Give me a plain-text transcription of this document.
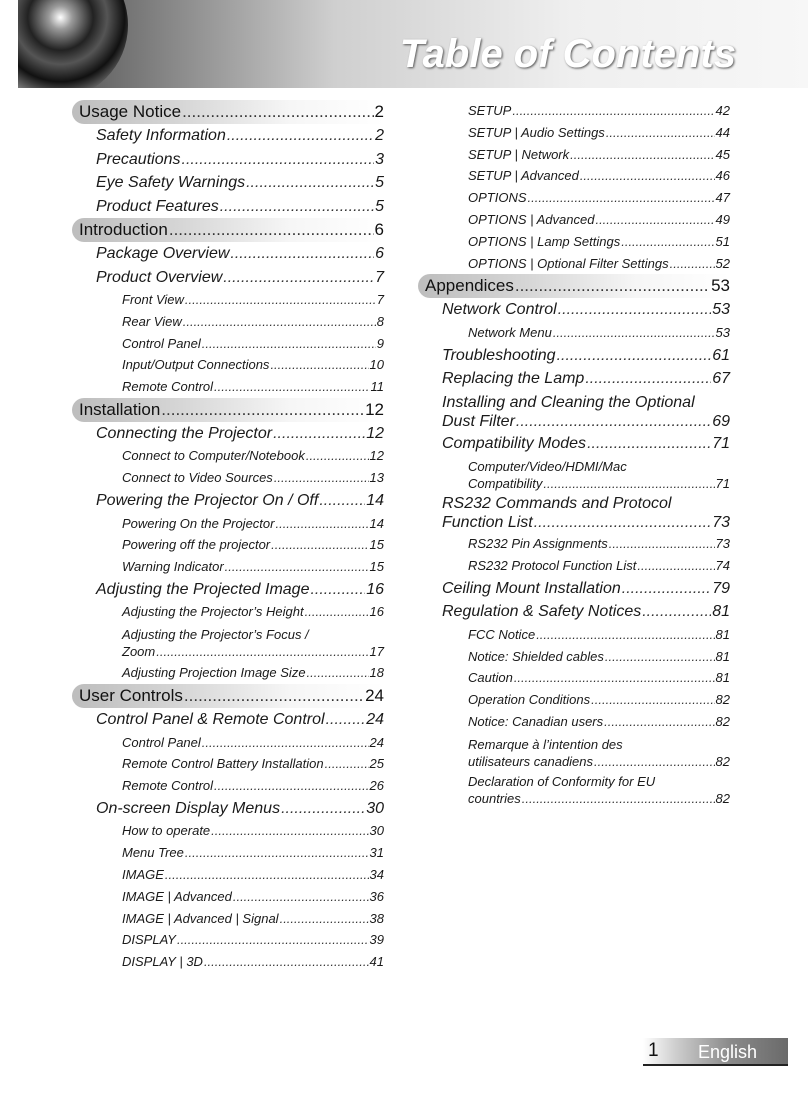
Table of Contents
Usage Notice .....	2
Safety Information .....	2
Precautions .....	3
Eye Safety Warnings .....	5
Product Features .....	5
Introduction .....	6
Package Overview .....	6
Product Overview .....	7
Front View .....	7
Rear View .....	8
Control Panel .....	9
Input/Output Connections .....	10
Remote Control .....	11
Installation .....	12
Connecting the Projector .....	12
Connect to Computer/Notebook .....	12
Connect to Video Sources .....	13
Powering the Projector On / Off .....	14
Powering On the Projector .....	14
Powering off the projector .....	15
Warning Indicator .....	15
Adjusting the Projected Image .....	16
Adjusting the Projector’s Height .....	16
Adjusting the Projector’s Focus /
Zoom .....	17
Adjusting Projection Image Size .....	18
User Controls .....	24
Control Panel & Remote Control .....	24
Control Panel .....	24
Remote Control Battery Installation .....	25
Remote Control .....	26
On-screen Display Menus .....	30
How to operate .....	30
Menu Tree .....	31
IMAGE .....	34
IMAGE | Advanced .....	36
IMAGE | Advanced | Signal .....	38
DISPLAY .....	39
DISPLAY | 3D .....	41
SETUP .....	42
SETUP | Audio Settings .....	44
SETUP | Network .....	45
SETUP | Advanced .....	46
OPTIONS .....	47
OPTIONS | Advanced .....	49
OPTIONS | Lamp Settings .....	51
OPTIONS | Optional Filter Settings .....	52
Appendices .....	53
Network Control .....	53
Network Menu .....	53
Troubleshooting .....	61
Replacing the Lamp .....	67
Installing and Cleaning the Optional
Dust Filter .....	69
Compatibility Modes .....	71
Computer/Video/HDMI/Mac
Compatibility .....	71
RS232 Commands and Protocol
Function List .....	73
RS232 Pin Assignments .....	73
RS232 Protocol Function List .....	74
Ceiling Mount Installation .....	79
Regulation & Safety Notices .....	81
FCC Notice .....	81
Notice: Shielded cables .....	81
Caution .....	81
Operation Conditions .....	82
Notice: Canadian users .....	82
Remarque à l’intention des
utilisateurs canadiens .....	82
Declaration of Conformity for EU
countries .....	82
1 English
